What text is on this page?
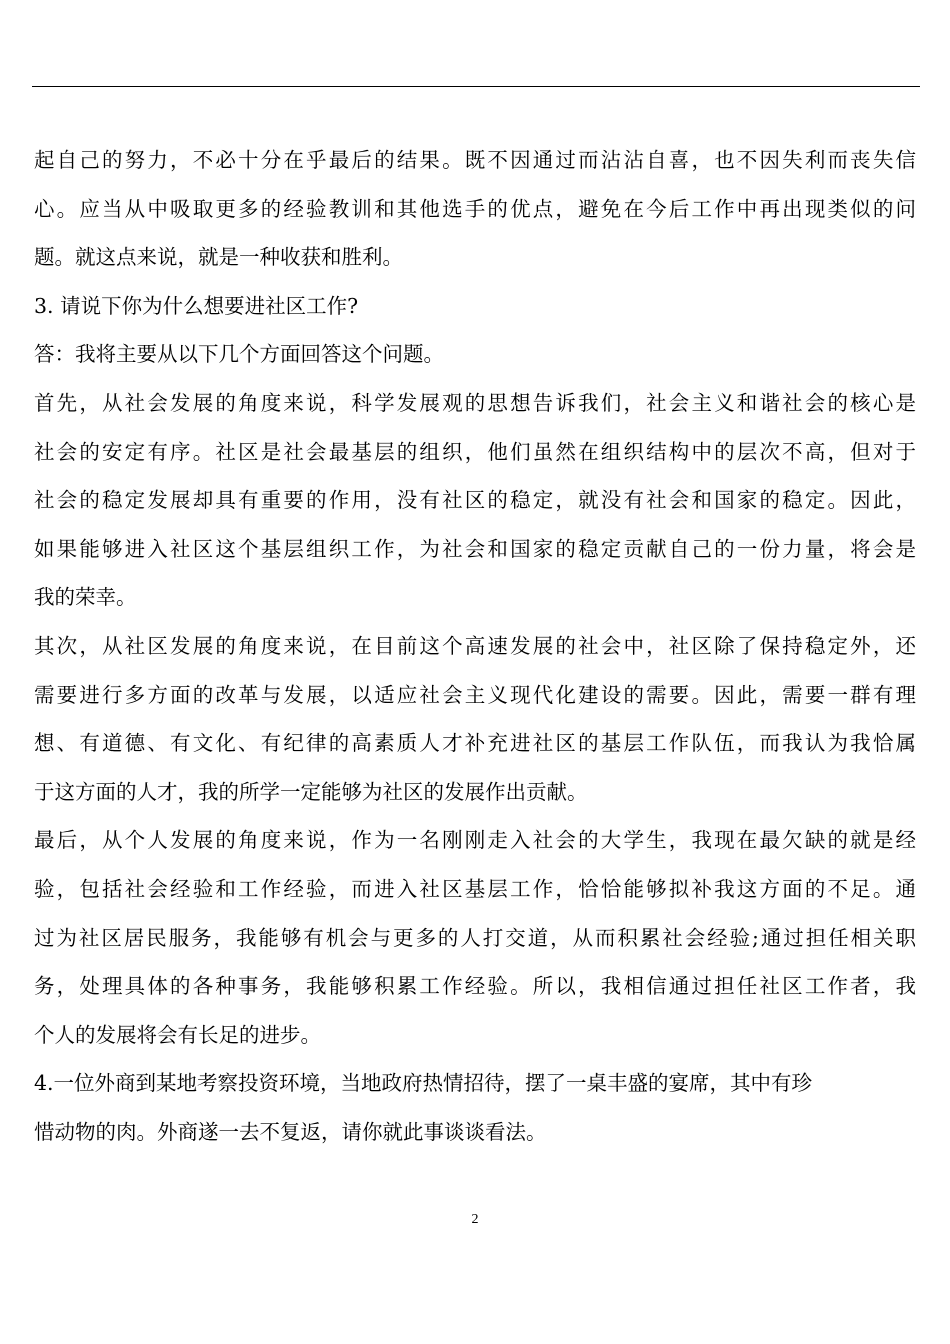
起自己的努力，不必十分在乎最后的结果。既不因通过而沾沾自喜，也不因失利而丧失信
心。应当从中吸取更多的经验教训和其他选手的优点，避免在今后工作中再出现类似的问
题。就这点来说，就是一种收获和胜利。
3. 请说下你为什么想要进社区工作?
答：我将主要从以下几个方面回答这个问题。
首先，从社会发展的角度来说，科学发展观的思想告诉我们，社会主义和谐社会的核心是
社会的安定有序。社区是社会最基层的组织，他们虽然在组织结构中的层次不高，但对于
社会的稳定发展却具有重要的作用，没有社区的稳定，就没有社会和国家的稳定。因此，
如果能够进入社区这个基层组织工作，为社会和国家的稳定贡献自己的一份力量，将会是
我的荣幸。
其次，从社区发展的角度来说，在目前这个高速发展的社会中，社区除了保持稳定外，还
需要进行多方面的改革与发展，以适应社会主义现代化建设的需要。因此，需要一群有理
想、有道德、有文化、有纪律的高素质人才补充进社区的基层工作队伍，而我认为我恰属
于这方面的人才，我的所学一定能够为社区的发展作出贡献。
最后，从个人发展的角度来说，作为一名刚刚走入社会的大学生，我现在最欠缺的就是经
验，包括社会经验和工作经验，而进入社区基层工作，恰恰能够拟补我这方面的不足。通
过为社区居民服务，我能够有机会与更多的人打交道，从而积累社会经验;通过担任相关职
务，处理具体的各种事务，我能够积累工作经验。所以，我相信通过担任社区工作者，我
个人的发展将会有长足的进步。
4.一位外商到某地考察投资环境，当地政府热情招待，摆了一桌丰盛的宴席，其中有珍
惜动物的肉。外商遂一去不复返，请你就此事谈谈看法。
2
